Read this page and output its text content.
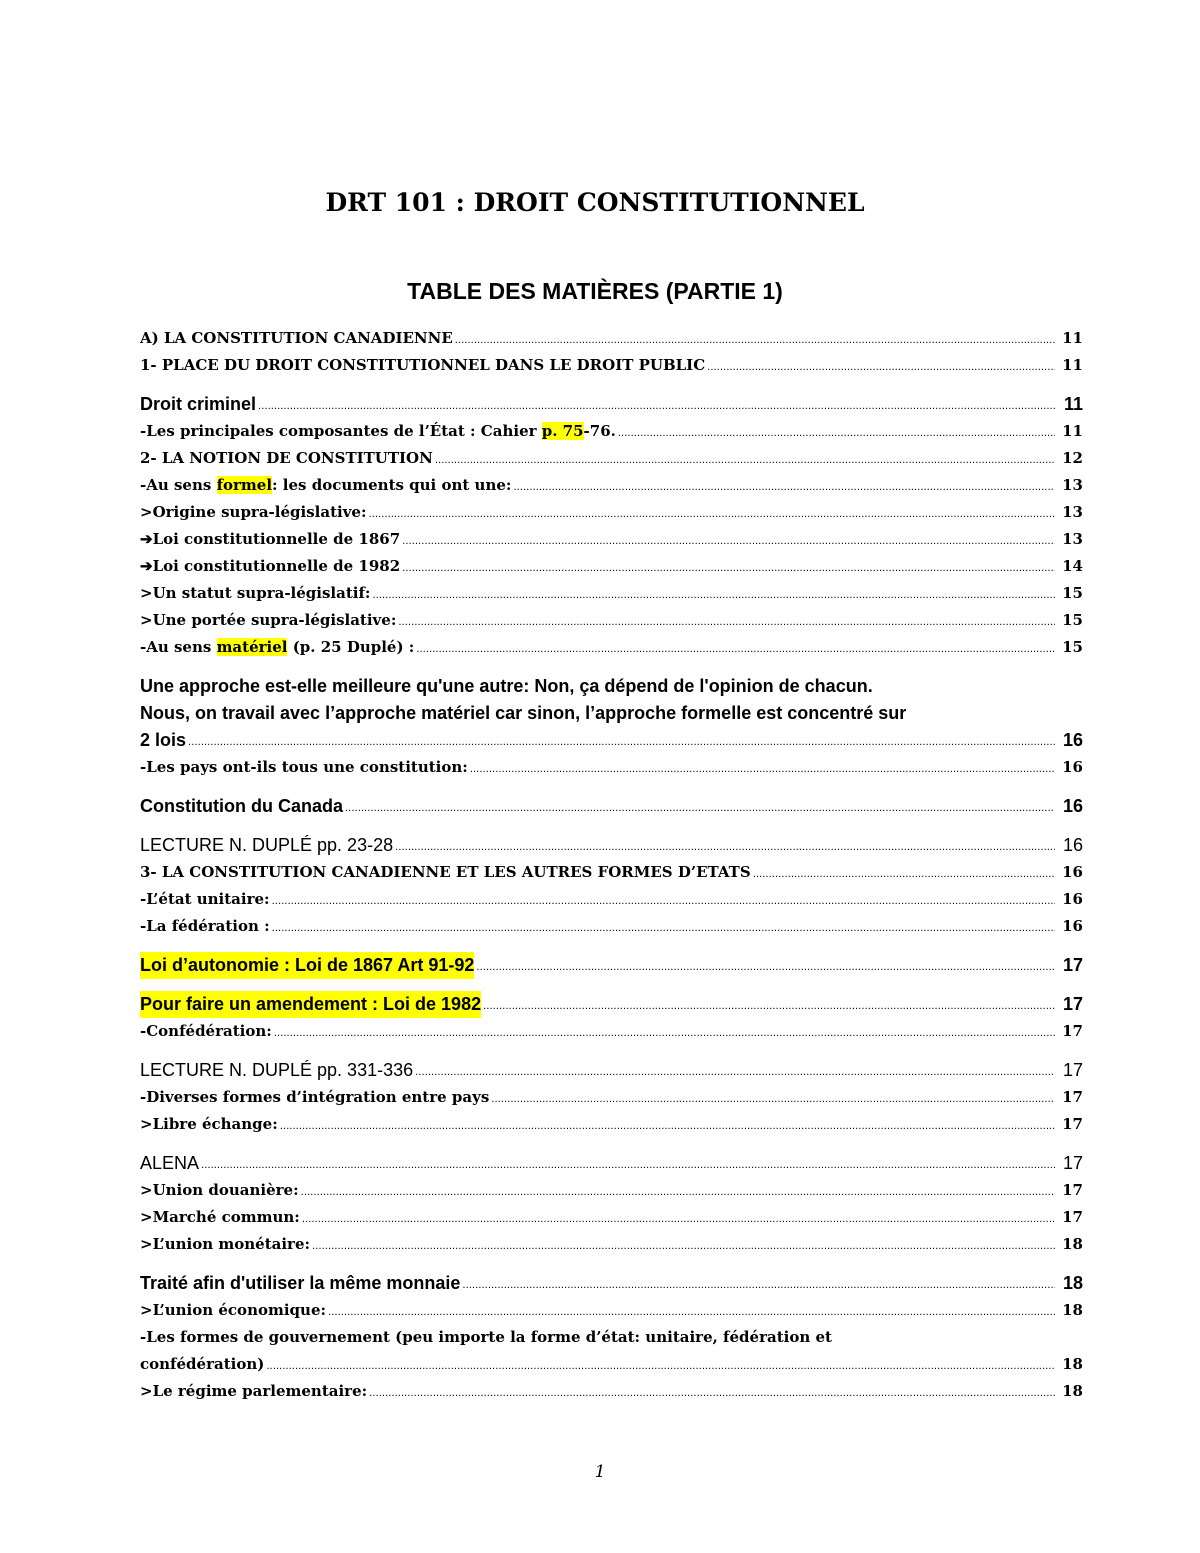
DRT 101 : DROIT CONSTITUTIONNEL
TABLE DES MATIÈRES (PARTIE 1)
A) LA CONSTITUTION CANADIENNE .....	11
1- PLACE DU DROIT CONSTITUTIONNEL DANS LE DROIT PUBLIC .....	11
Droit criminel .....	11
-Les principales composantes de l’État : Cahier p. 75-76. .....	11
2- LA NOTION DE CONSTITUTION .....	12
-Au sens formel: les documents qui ont une: .....	13
>Origine supra-législative: .....	13
➔Loi constitutionnelle de 1867 .....	13
➔Loi constitutionnelle de 1982 .....	14
>Un statut supra-législatif: .....	15
>Une portée supra-législative: .....	15
-Au sens matériel (p. 25 Duplé) : .....	15
Une approche est-elle meilleure qu'une autre: Non, ça dépend de l'opinion de chacun.
Nous, on travail avec l’approche matériel car sinon, l’approche formelle est concentré sur
2 lois .....	16
-Les pays ont-ils tous une constitution: .....	16
Constitution du Canada .....	16
LECTURE N. DUPLÉ pp. 23-28 .....	16
3- LA CONSTITUTION CANADIENNE ET LES AUTRES FORMES D’ETATS .....	16
-L’état unitaire: .....	16
-La fédération : .....	16
Loi d’autonomie : Loi de 1867 Art 91-92 .....	17
Pour faire un amendement : Loi de 1982 .....	17
-Confédération: .....	17
LECTURE N. DUPLÉ pp. 331-336 .....	17
-Diverses formes d’intégration entre pays .....	17
>Libre échange: .....	17
ALENA .....	17
>Union douanière: .....	17
>Marché commun: .....	17
>L’union monétaire: .....	18
Traité afin d'utiliser la même monnaie .....	18
>L’union économique: .....	18
-Les formes de gouvernement (peu importe la forme d’état: unitaire, fédération et
confédération) .....	18
>Le régime parlementaire: .....	18
1
